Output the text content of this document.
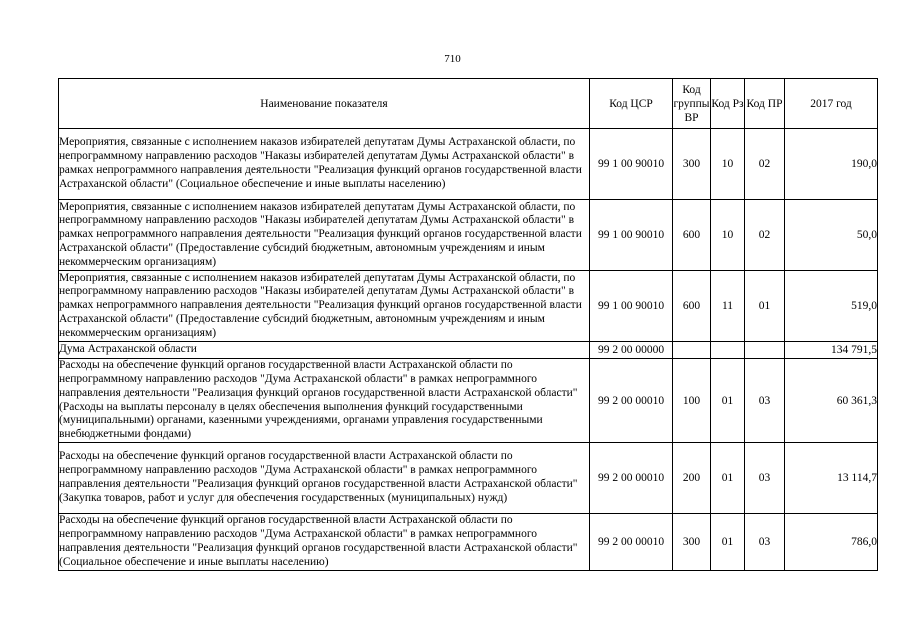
710
Наименование показателя	Код ЦСР	Код группы ВР	Код Рз	Код ПР	2017 год
Мероприятия, связанные с исполнением наказов избирателей депутатам Думы Астраханской области, по непрограммному направлению расходов "Наказы избирателей депутатам Думы Астраханской области" в рамках непрограммного направления деятельности "Реализация функций органов государственной власти Астраханской области" (Социальное обеспечение и иные выплаты населению)	99 1 00 90010	300	10	02	190,0
Мероприятия, связанные с исполнением наказов избирателей депутатам Думы Астраханской области, по непрограммному направлению расходов "Наказы избирателей депутатам Думы Астраханской области" в рамках непрограммного направления деятельности "Реализация функций органов государственной власти Астраханской области" (Предоставление субсидий бюджетным, автономным учреждениям и иным некоммерческим организациям)	99 1 00 90010	600	10	02	50,0
Мероприятия, связанные с исполнением наказов избирателей депутатам Думы Астраханской области, по непрограммному направлению расходов "Наказы избирателей депутатам Думы Астраханской области" в рамках непрограммного направления деятельности "Реализация функций органов государственной власти Астраханской области" (Предоставление субсидий бюджетным, автономным учреждениям и иным некоммерческим организациям)	99 1 00 90010	600	11	01	519,0
Дума Астраханской области	99 2 00 00000				134 791,5
Расходы на обеспечение функций органов государственной власти Астраханской области по непрограммному направлению расходов "Дума Астраханской области" в рамках непрограммного направления деятельности "Реализация функций органов государственной власти Астраханской области" (Расходы на выплаты персоналу в целях обеспечения выполнения функций государственными (муниципальными) органами, казенными учреждениями, органами управления государственными внебюджетными фондами)	99 2 00 00010	100	01	03	60 361,3
Расходы на обеспечение функций органов государственной власти Астраханской области по непрограммному направлению расходов "Дума Астраханской области" в рамках непрограммного направления деятельности "Реализация функций органов государственной власти Астраханской области" (Закупка товаров, работ и услуг для обеспечения государственных (муниципальных) нужд)	99 2 00 00010	200	01	03	13 114,7
Расходы на обеспечение функций органов государственной власти Астраханской области по непрограммному направлению расходов "Дума Астраханской области" в рамках непрограммного направления деятельности "Реализация функций органов государственной власти Астраханской области" (Социальное обеспечение и иные выплаты населению)	99 2 00 00010	300	01	03	786,0
